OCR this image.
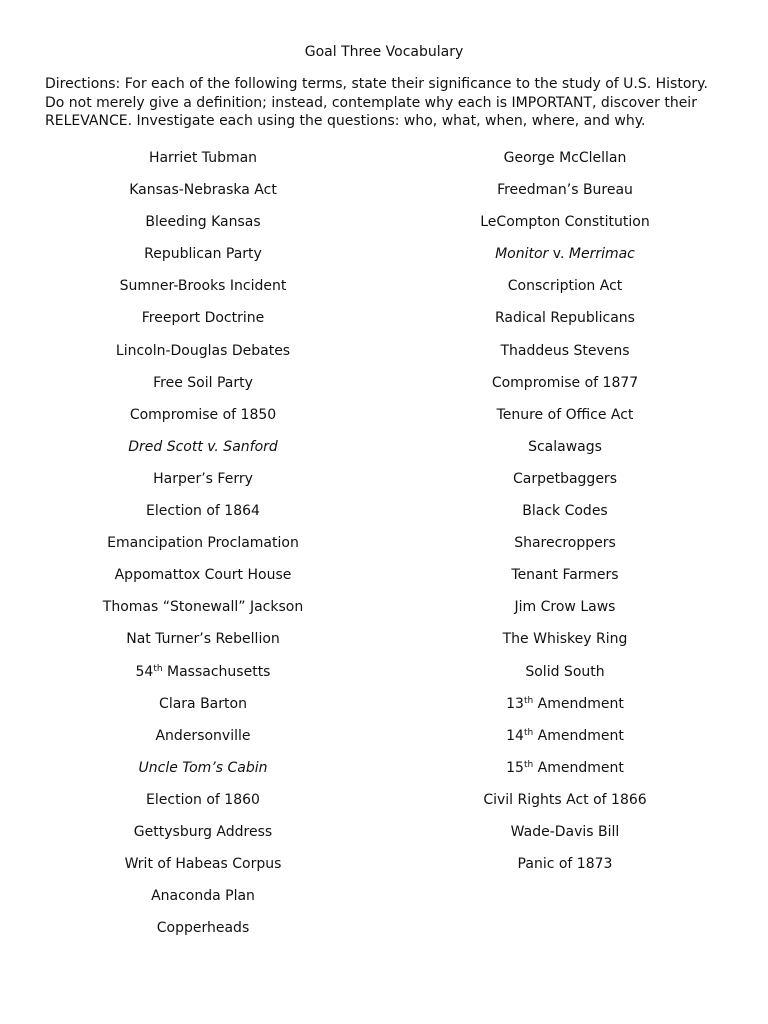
Goal Three Vocabulary
Directions: For each of the following terms, state their significance to the study of U.S. History.
Do not merely give a definition; instead, contemplate why each is IMPORTANT, discover their
RELEVANCE. Investigate each using the questions: who, what, when, where, and why.
Harriet Tubman
Kansas-Nebraska Act
Bleeding Kansas
Republican Party
Sumner-Brooks Incident
Freeport Doctrine
Lincoln-Douglas Debates
Free Soil Party
Compromise of 1850
Dred Scott v. Sanford
Harper’s Ferry
Election of 1864
Emancipation Proclamation
Appomattox Court House
Thomas “Stonewall” Jackson
Nat Turner’s Rebellion
54th Massachusetts
Clara Barton
Andersonville
Uncle Tom’s Cabin
Election of 1860
Gettysburg Address
Writ of Habeas Corpus
Anaconda Plan
Copperheads
George McClellan
Freedman’s Bureau
LeCompton Constitution
Monitor v. Merrimac
Conscription Act
Radical Republicans
Thaddeus Stevens
Compromise of 1877
Tenure of Office Act
Scalawags
Carpetbaggers
Black Codes
Sharecroppers
Tenant Farmers
Jim Crow Laws
The Whiskey Ring
Solid South
13th Amendment
14th Amendment
15th Amendment
Civil Rights Act of 1866
Wade-Davis Bill
Panic of 1873
